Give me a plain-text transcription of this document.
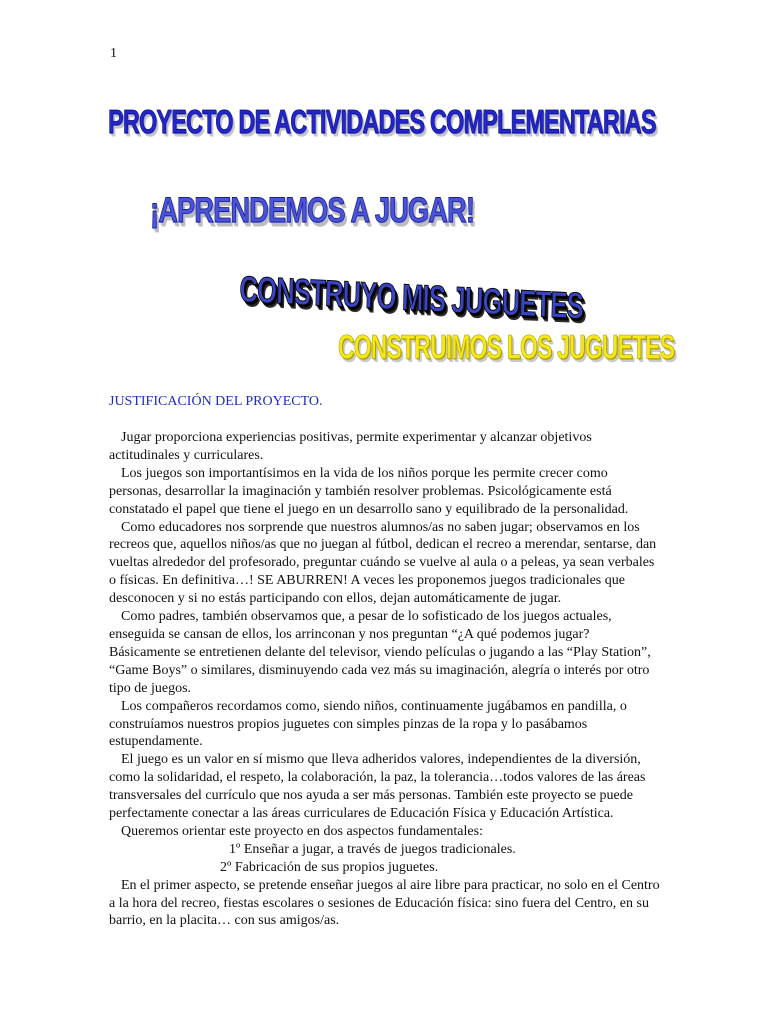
1
PROYECTO DE ACTIVIDADES COMPLEMENTARIAS
¡APRENDEMOS A JUGAR!
CONSTRUYO MIS JUGUETES
CONSTRUIMOS LOS JUGUETES
JUSTIFICACIÓN DEL PROYECTO.

Jugar proporciona experiencias positivas, permite experimentar y alcanzar objetivos actitudinales y curriculares.

Los juegos son importantísimos en la vida de los niños porque les permite crecer como personas, desarrollar la imaginación y también resolver problemas. Psicológicamente está constatado el papel que tiene el juego en un desarrollo sano y equilibrado de la personalidad.

Como educadores nos sorprende que nuestros alumnos/as no saben jugar; observamos en los recreos que, aquellos niños/as que no juegan al fútbol, dedican el recreo a merendar, sentarse, dan vueltas alrededor del profesorado, preguntar cuándo se vuelve al aula o a peleas, ya sean verbales o físicas. En definitiva…! SE ABURREN! A veces les proponemos juegos tradicionales que desconocen y si no estás participando con ellos, dejan automáticamente de jugar.

Como padres, también observamos que, a pesar de lo sofisticado de los juegos actuales, enseguida se cansan de ellos, los arrinconan y nos preguntan “¿A qué podemos jugar? Básicamente se entretienen delante del televisor, viendo películas o jugando a las “Play Station”, “Game Boys” o similares, disminuyendo cada vez más su imaginación, alegría o interés por otro tipo de juegos.

Los compañeros recordamos como, siendo niños, continuamente jugábamos en pandilla, o construíamos nuestros propios juguetes con simples pinzas de la ropa y lo pasábamos estupendamente.

El juego es un valor en sí mismo que lleva adheridos valores, independientes de la diversión, como la solidaridad, el respeto, la colaboración, la paz, la tolerancia…todos valores de las áreas transversales del currículo que nos ayuda a ser más personas. También este proyecto se puede perfectamente conectar a las áreas curriculares de Educación Física y Educación Artística.

Queremos orientar este proyecto en dos aspectos fundamentales:

1º Enseñar a jugar, a través de juegos tradicionales.

2º Fabricación de sus propios juguetes.

En el primer aspecto, se pretende enseñar juegos al aire libre para practicar, no solo en el Centro a la hora del recreo, fiestas escolares o sesiones de Educación física: sino fuera del Centro, en su barrio, en la placita… con sus amigos/as.
